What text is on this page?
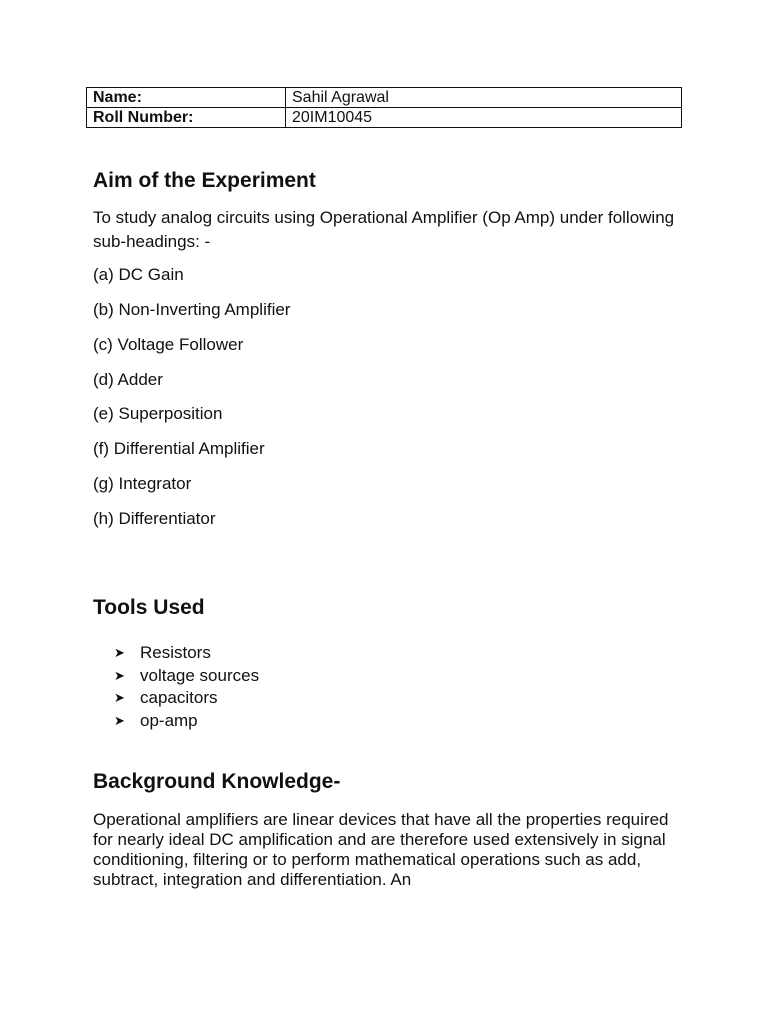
Name:	Sahil Agrawal
Roll Number:	20IM10045
Aim of the Experiment

To study analog circuits using Operational Amplifier (Op Amp) under following sub-headings: -

(a) DC Gain

(b) Non-Inverting Amplifier

(c) Voltage Follower

(d) Adder

(e) Superposition

(f) Differential Amplifier

(g) Integrator

(h) Differentiator

Tools Used
➤ Resistors
➤ voltage sources
➤ capacitors
➤ op-amp
Background Knowledge-

Operational amplifiers are linear devices that have all the properties required for nearly ideal DC amplification and are therefore used extensively in signal conditioning, filtering or to perform mathematical operations such as add, subtract, integration and differentiation. An
